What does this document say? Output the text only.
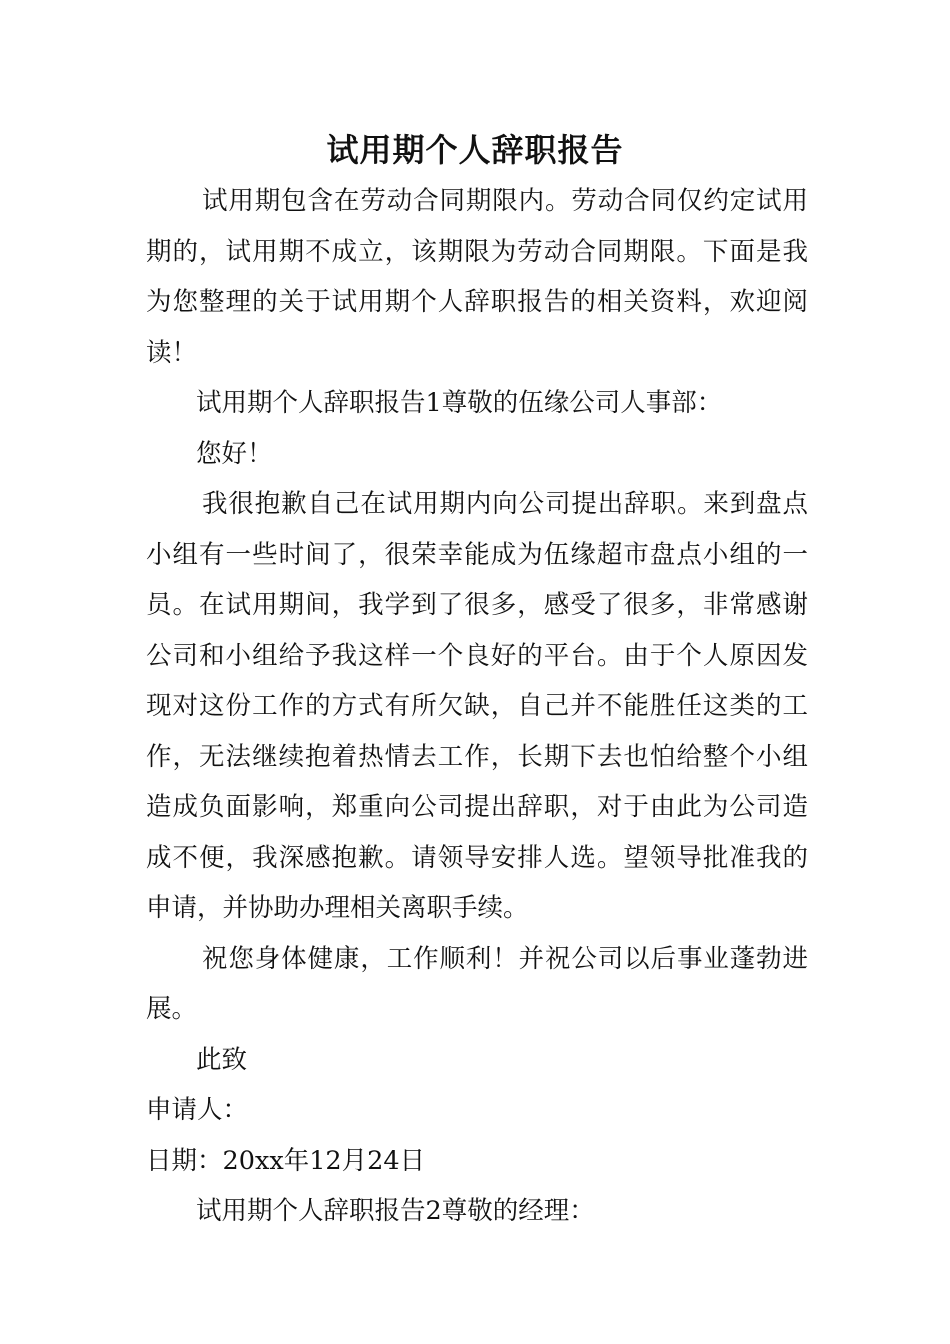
试用期个人辞职报告

试用期包含在劳动合同期限内。劳动合同仅约定试用期的，试用期不成立，该期限为劳动合同期限。下面是我为您整理的关于试用期个人辞职报告的相关资料，欢迎阅读！

试用期个人辞职报告1尊敬的伍缘公司人事部：

您好！

我很抱歉自己在试用期内向公司提出辞职。来到盘点小组有一些时间了，很荣幸能成为伍缘超市盘点小组的一员。在试用期间，我学到了很多，感受了很多，非常感谢公司和小组给予我这样一个良好的平台。由于个人原因发现对这份工作的方式有所欠缺，自己并不能胜任这类的工作，无法继续抱着热情去工作，长期下去也怕给整个小组造成负面影响，郑重向公司提出辞职，对于由此为公司造成不便，我深感抱歉。请领导安排人选。望领导批准我的申请，并协助办理相关离职手续。

祝您身体健康，工作顺利！并祝公司以后事业蓬勃进展。

此致

申请人：

日期：20xx年12月24日

试用期个人辞职报告2尊敬的经理：
